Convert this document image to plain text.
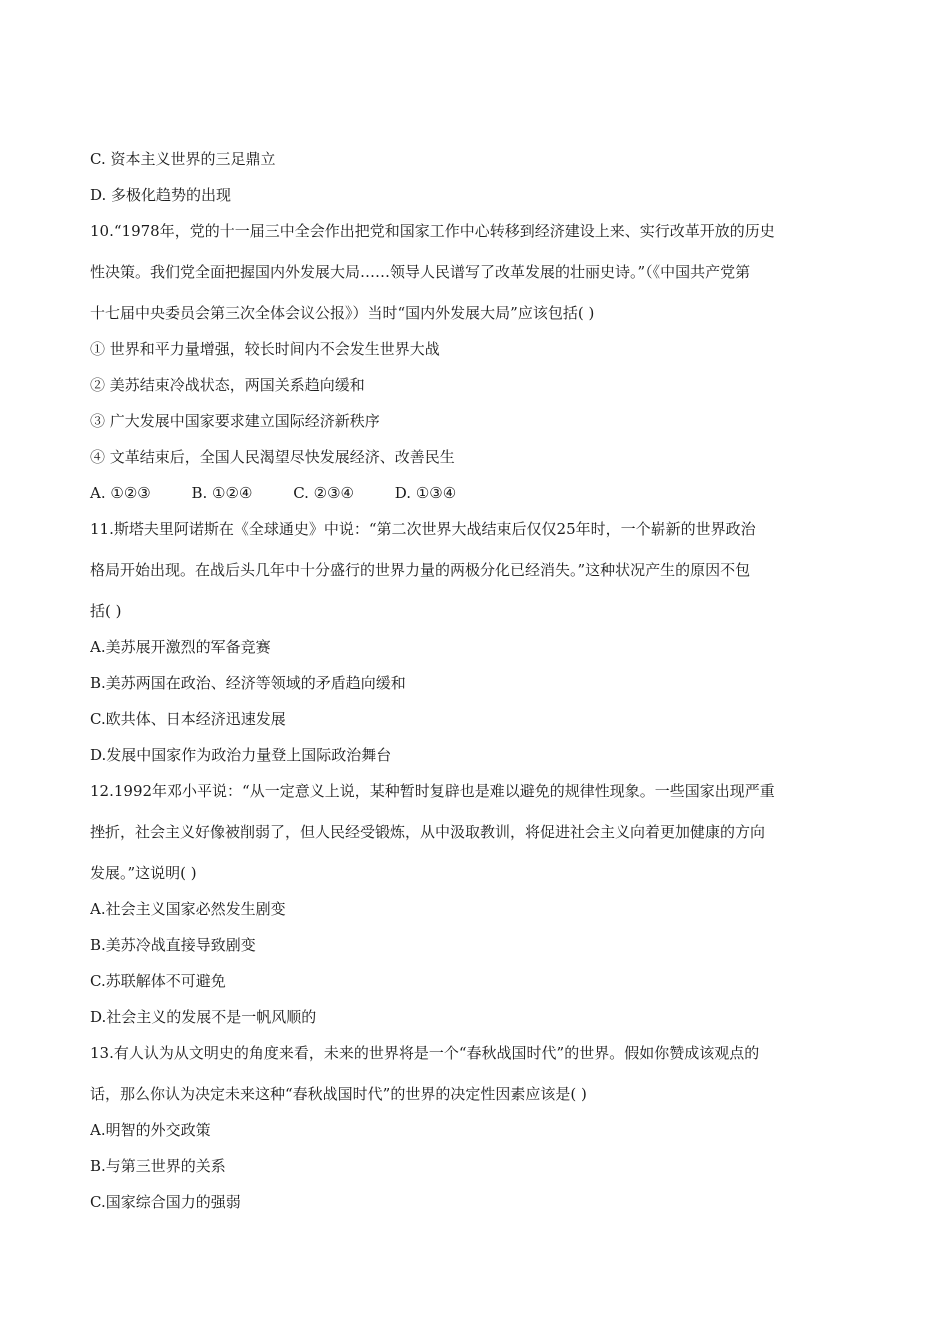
C. 资本主义世界的三足鼎立
D. 多极化趋势的出现
10.“1978年，党的十一届三中全会作出把党和国家工作中心转移到经济建设上来、实行改革开放的历史
性决策。我们党全面把握国内外发展大局……领导人民谱写了改革发展的壮丽史诗。”（《中国共产党第
十七届中央委员会第三次全体会议公报》）当时“国内外发展大局”应该包括( )
① 世界和平力量增强，较长时间内不会发生世界大战
② 美苏结束冷战状态，两国关系趋向缓和
③ 广大发展中国家要求建立国际经济新秩序
④ 文革结束后，全国人民渴望尽快发展经济、改善民生
A. ①②③	B. ①②④	C. ②③④	D. ①③④
11.斯塔夫里阿诺斯在《全球通史》中说：“第二次世界大战结束后仅仅25年时，一个崭新的世界政治
格局开始出现。在战后头几年中十分盛行的世界力量的两极分化已经消失。”这种状况产生的原因不包
括( )
A.美苏展开激烈的军备竞赛
B.美苏两国在政治、经济等领域的矛盾趋向缓和
C.欧共体、日本经济迅速发展
D.发展中国家作为政治力量登上国际政治舞台
12.1992年邓小平说：“从一定意义上说，某种暂时复辟也是难以避免的规律性现象。一些国家出现严重
挫折，社会主义好像被削弱了，但人民经受锻炼，从中汲取教训，将促进社会主义向着更加健康的方向
发展。”这说明( )
A.社会主义国家必然发生剧变
B.美苏冷战直接导致剧变
C.苏联解体不可避免
D.社会主义的发展不是一帆风顺的
13.有人认为从文明史的角度来看，未来的世界将是一个“春秋战国时代”的世界。假如你赞成该观点的
话，那么你认为决定未来这种“春秋战国时代”的世界的决定性因素应该是( )
A.明智的外交政策
B.与第三世界的关系
C.国家综合国力的强弱
